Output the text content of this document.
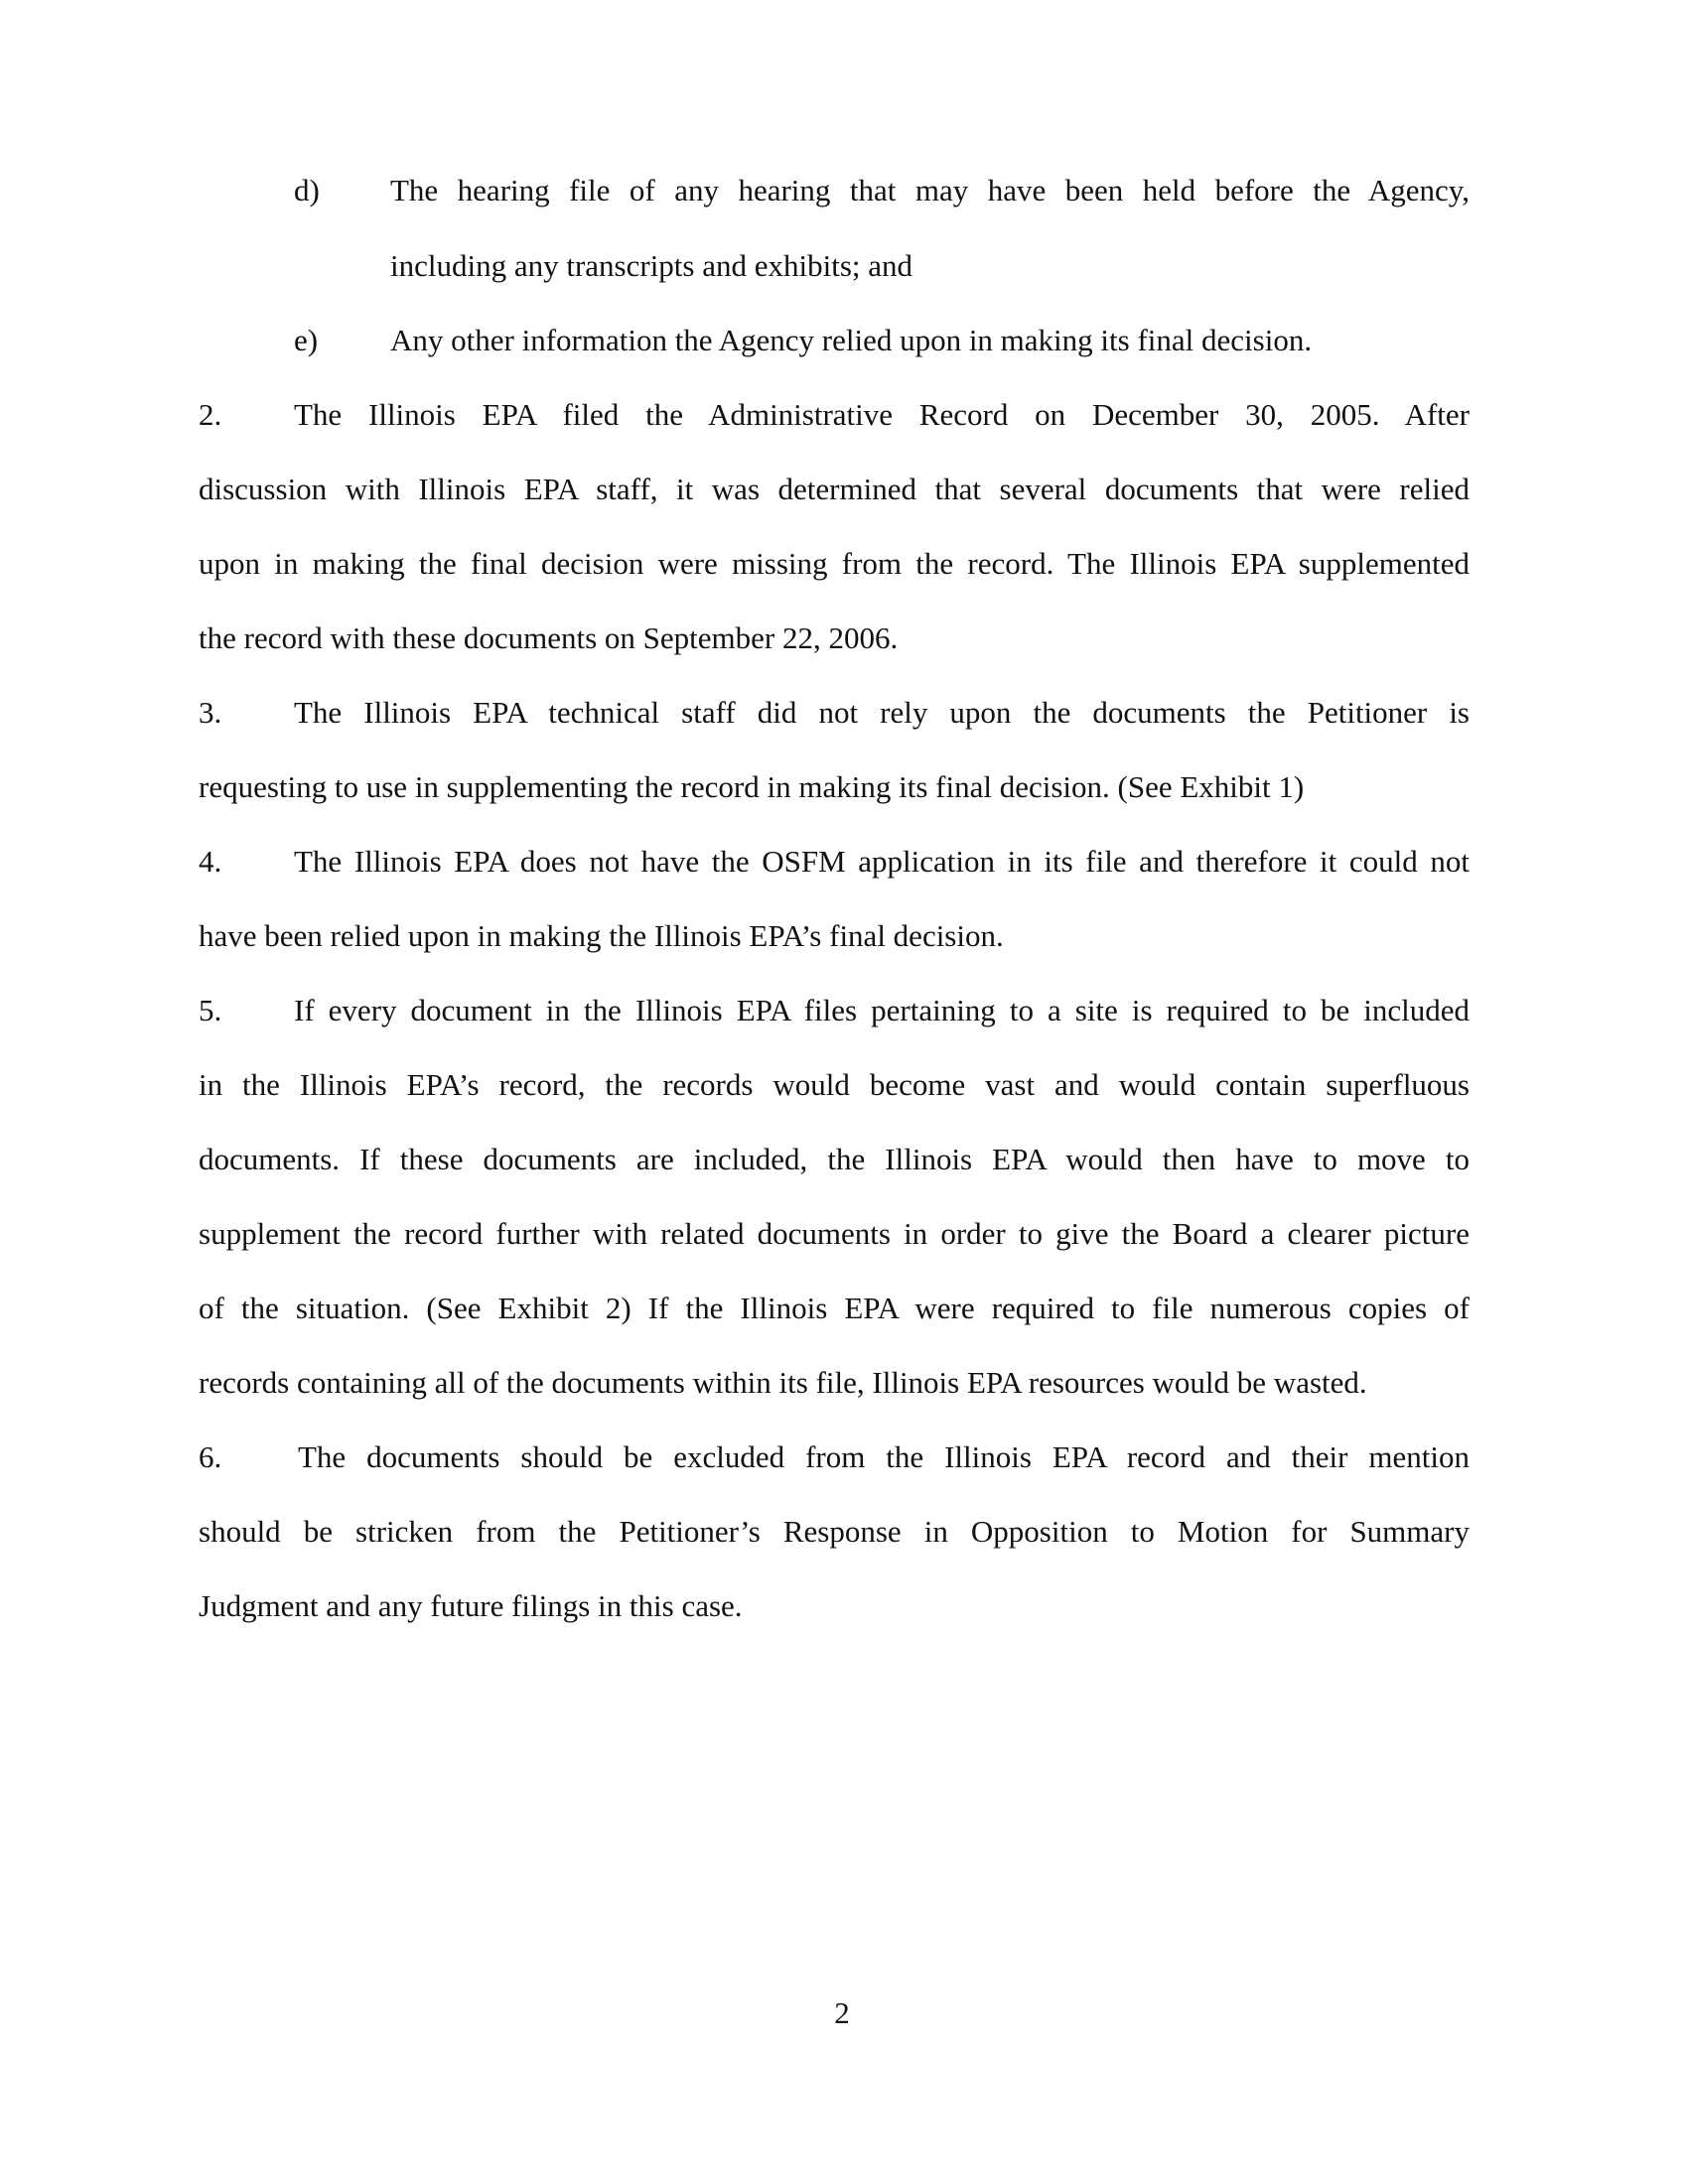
d) The hearing file of any hearing that may have been held before the Agency,
including any transcripts and exhibits; and
e) Any other information the Agency relied upon in making its final decision.
2. The Illinois EPA filed the Administrative Record on December 30, 2005. After
discussion with Illinois EPA staff, it was determined that several documents that were relied
upon in making the final decision were missing from the record. The Illinois EPA supplemented
the record with these documents on September 22, 2006.
3. The Illinois EPA technical staff did not rely upon the documents the Petitioner is
requesting to use in supplementing the record in making its final decision. (See Exhibit 1)
4. The Illinois EPA does not have the OSFM application in its file and therefore it could not
have been relied upon in making the Illinois EPA’s final decision.
5. If every document in the Illinois EPA files pertaining to a site is required to be included
in the Illinois EPA’s record, the records would become vast and would contain superfluous
documents. If these documents are included, the Illinois EPA would then have to move to
supplement the record further with related documents in order to give the Board a clearer picture
of the situation. (See Exhibit 2) If the Illinois EPA were required to file numerous copies of
records containing all of the documents within its file, Illinois EPA resources would be wasted.
6. The documents should be excluded from the Illinois EPA record and their mention
should be stricken from the Petitioner’s Response in Opposition to Motion for Summary
Judgment and any future filings in this case.
2
